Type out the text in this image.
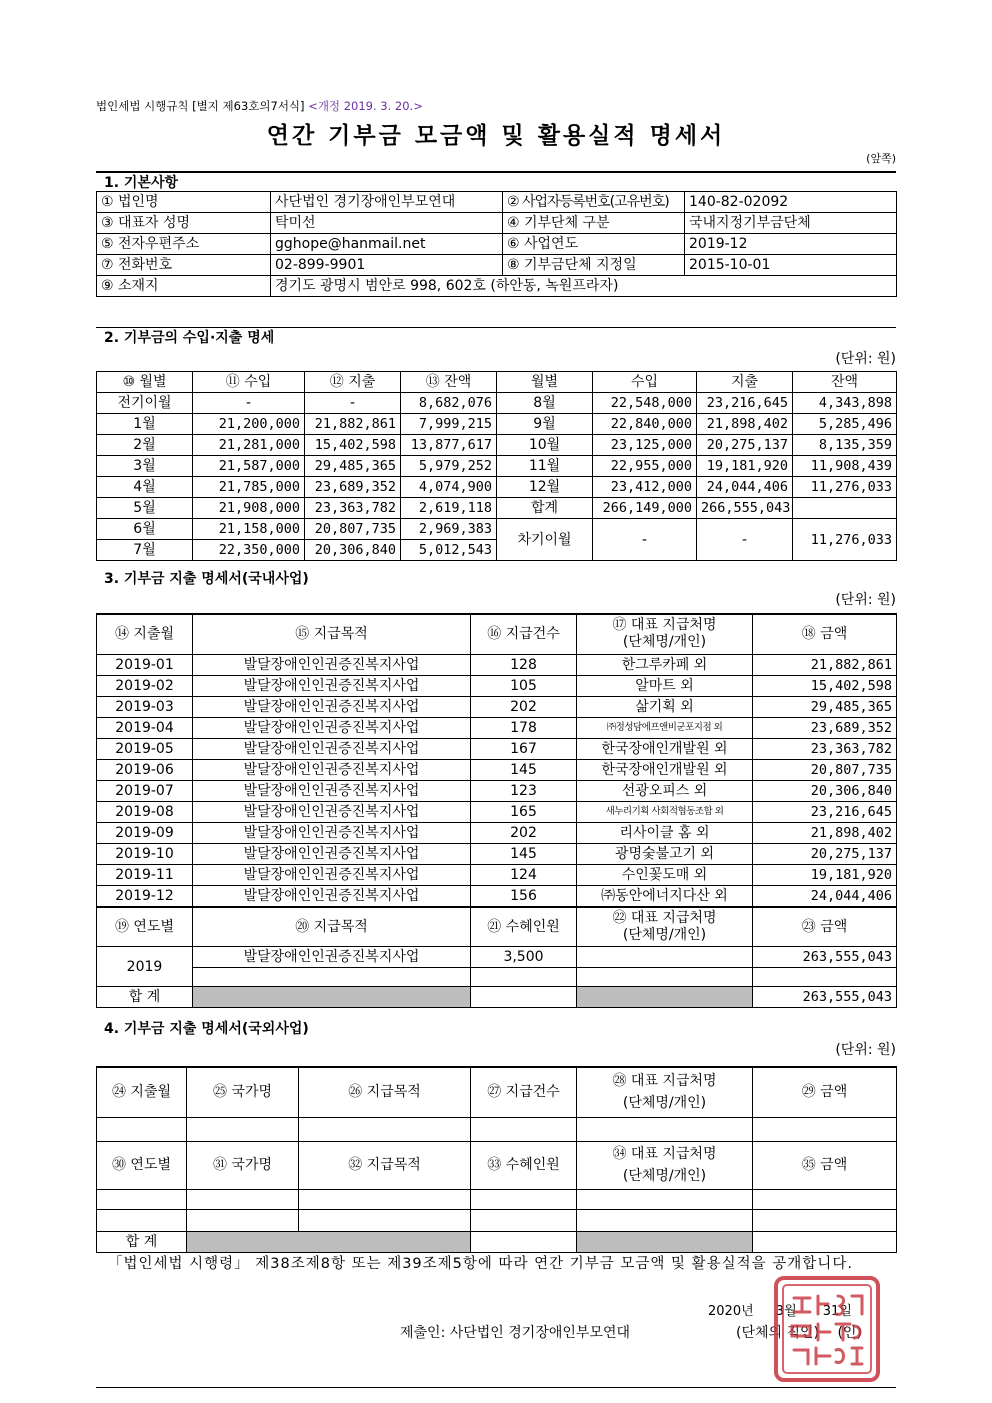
법인세법 시행규칙 [별지 제63호의7서식] <개정 2019. 3. 20.>
연간 기부금 모금액 및 활용실적 명세서
(앞쪽)
1. 기본사항
① 법인명	사단법인 경기장애인부모연대	② 사업자등록번호(고유번호)	140-82-02092
③ 대표자 성명	탁미선	④ 기부단체 구분	국내지정기부금단체
⑤ 전자우편주소	gghope@hanmail.net	⑥ 사업연도	2019-12
⑦ 전화번호	02-899-9901	⑧ 기부금단체 지정일	2015-10-01
⑨ 소재지	경기도 광명시 범안로 998, 602호 (하안동, 녹원프라자)		
2. 기부금의 수입·지출 명세
(단위: 원)
⑩ 월별	⑪ 수입	⑫ 지출	⑬ 잔액	월별	수입	지출	잔액
전기이월	-	-	8,682,076	8월	22,548,000	23,216,645	4,343,898
1월	21,200,000	21,882,861	7,999,215	9월	22,840,000	21,898,402	5,285,496
2월	21,281,000	15,402,598	13,877,617	10월	23,125,000	20,275,137	8,135,359
3월	21,587,000	29,485,365	5,979,252	11월	22,955,000	19,181,920	11,908,439
4월	21,785,000	23,689,352	4,074,900	12월	23,412,000	24,044,406	11,276,033
5월	21,908,000	23,363,782	2,619,118	합계	266,149,000	266,555,043	
6월	21,158,000	20,807,735	2,969,383	차기이월	-	-	11,276,033
7월	22,350,000	20,306,840	5,012,543				
3. 기부금 지출 명세서(국내사업)
(단위: 원)
⑭ 지출월	⑮ 지급목적	⑯ 지급건수	⑰ 대표 지급처명
(단체명/개인)	⑱ 금액
2019-01	발달장애인인권증진복지사업	128	한그루카페 외	21,882,861
2019-02	발달장애인인권증진복지사업	105	알마트 외	15,402,598
2019-03	발달장애인인권증진복지사업	202	삶기획 외	29,485,365
2019-04	발달장애인인권증진복지사업	178	㈜정성담에프앤비군포지점 외	23,689,352
2019-05	발달장애인인권증진복지사업	167	한국장애인개발원 외	23,363,782
2019-06	발달장애인인권증진복지사업	145	한국장애인개발원 외	20,807,735
2019-07	발달장애인인권증진복지사업	123	선광오피스 외	20,306,840
2019-08	발달장애인인권증진복지사업	165	새누리기획 사회적협동조합 외	23,216,645
2019-09	발달장애인인권증진복지사업	202	리사이클 홈 외	21,898,402
2019-10	발달장애인인권증진복지사업	145	광명숯불고기 외	20,275,137
2019-11	발달장애인인권증진복지사업	124	수인꽃도매 외	19,181,920
2019-12	발달장애인인권증진복지사업	156	㈜동안에너지다산 외	24,044,406
⑲ 연도별	⑳ 지급목적	㉑ 수혜인원	㉒ 대표 지급처명
(단체명/개인)	㉓ 금액
2019	발달장애인인권증진복지사업	3,500		263,555,043

합 계				263,555,043
4. 기부금 지출 명세서(국외사업)
(단위: 원)
㉔ 지출월	㉕ 국가명	㉖ 지급목적	㉗ 지급건수	㉘ 대표 지급처명
(단체명/개인)	㉙ 금액

㉚ 연도별	㉛ 국가명	㉜ 지급목적	㉝ 수혜인원	㉞ 대표 지급처명
(단체명/개인)	㉟ 금액

합 계					
「법인세법 시행령」 제38조제8항 또는 제39조제5항에 따라 연간 기부금 모금액 및 활용실적을 공개합니다.
2020년 3월 31일
제출인: 사단법인 경기장애인부모연대	(단체의 직인) (인)
